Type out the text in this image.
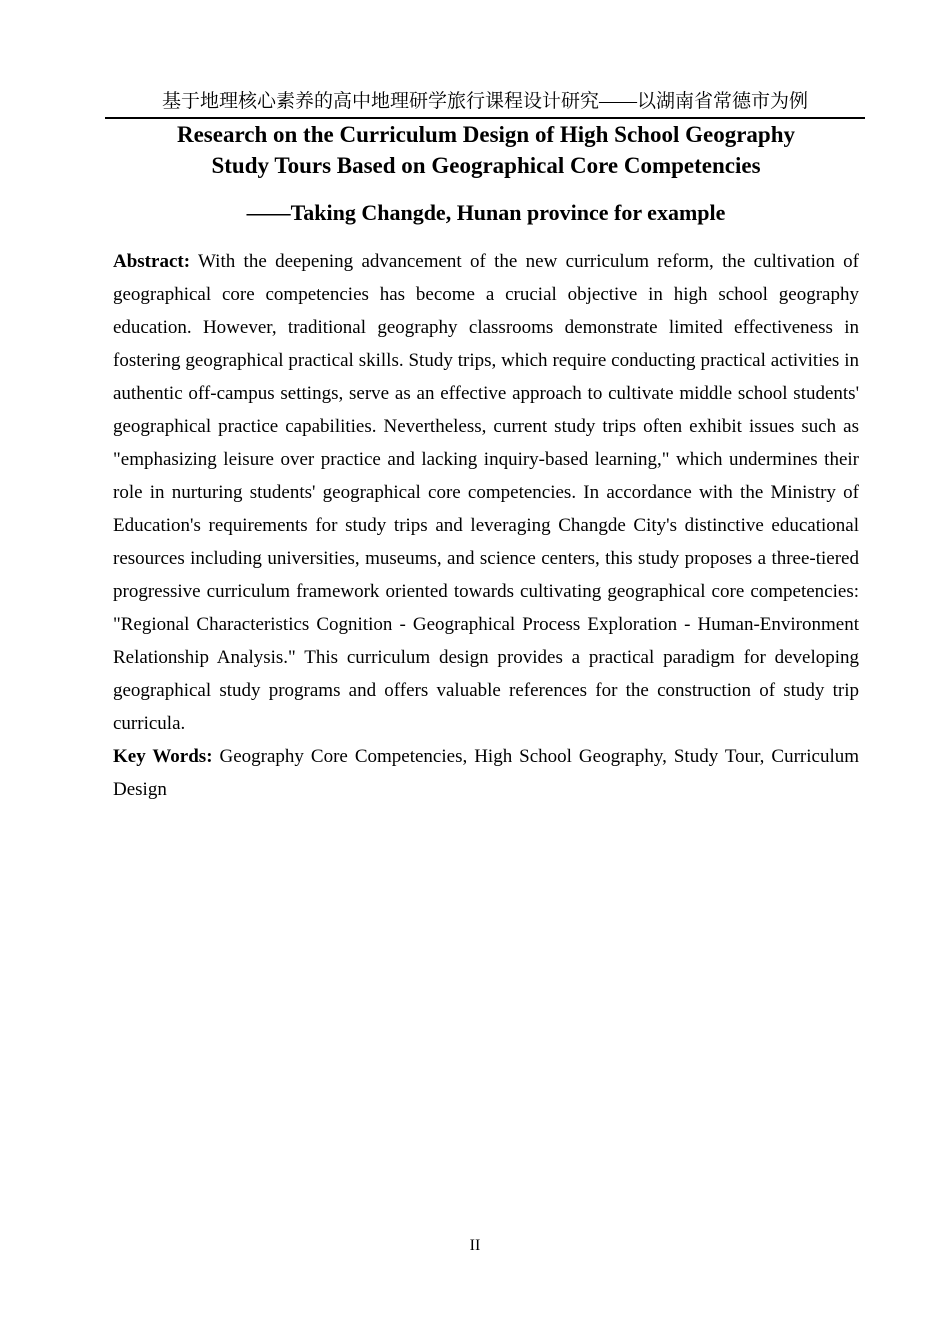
基于地理核心素养的高中地理研学旅行课程设计研究——以湖南省常德市为例
Research on the Curriculum Design of High School Geography
Study Tours Based on Geographical Core Competencies
——Taking Changde, Hunan province for example

Abstract: With the deepening advancement of the new curriculum reform, the cultivation of geographical core competencies has become a crucial objective in high school geography education. However, traditional geography classrooms demonstrate limited effectiveness in fostering geographical practical skills. Study trips, which require conducting practical activities in authentic off-campus settings, serve as an effective approach to cultivate middle school students' geographical practice capabilities. Nevertheless, current study trips often exhibit issues such as "emphasizing leisure over practice and lacking inquiry-based learning," which undermines their role in nurturing students' geographical core competencies. In accordance with the Ministry of Education's requirements for study trips and leveraging Changde City's distinctive educational resources including universities, museums, and science centers, this study proposes a three-tiered progressive curriculum framework oriented towards cultivating geographical core competencies: "Regional Characteristics Cognition - Geographical Process Exploration - Human-Environment Relationship Analysis." This curriculum design provides a practical paradigm for developing geographical study programs and offers valuable references for the construction of study trip curricula.

Key Words: Geography Core Competencies, High School Geography, Study Tour, Curriculum Design

II
